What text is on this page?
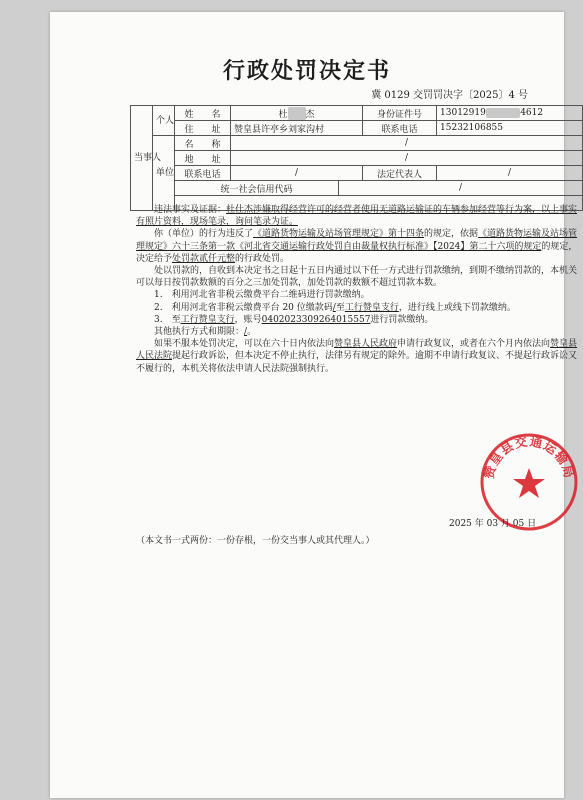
行政处罚决定书
冀 0129 交罚罚决字〔2025〕4 号
当事人	个人	姓　　名	杜 杰		身份证件号	13012919 4612
		住　　址	赞皇县许亭乡刘家沟村		联系电话	15232106855
	单位	名　　称	/			
		地　　址	/			
		联系电话	/		法定代表人	/
		统一社会信用代码		/		

违法事实及证据：杜仕杰涉嫌取得经营许可的经营者使用无道路运输证的车辆参加经营等行为案，以上事实有照片资料，现场笔录，询问笔录为证。

你（单位）的行为违反了《道路货物运输及站场管理规定》第十四条的规定，依据《道路货物运输及站场管理规定》六十三条第一款《河北省交通运输行政处罚自由裁量权执行标准》【2024】第二十六项的规定的规定，决定给予处罚款贰仟元整的行政处罚。

处以罚款的，自收到本决定书之日起十五日内通过以下任一方式进行罚款缴纳，到期不缴纳罚款的，本机关可以每日按罚款数额的百分之三加处罚款，加处罚款的数额不超过罚款本数。

1.　利用河北省非税云缴费平台二维码进行罚款缴纳。

2.　利用河北省非税云缴费平台 20 位缴款码/至工行赞皇支行，进行线上或线下罚款缴纳。

3.　至工行赞皇支行，账号0402023309264015557进行罚款缴纳。

其他执行方式和期限：/。

如果不服本处罚决定，可以在六十日内依法向赞皇县人民政府申请行政复议，或者在六个月内依法向赞皇县人民法院提起行政诉讼，但本决定不停止执行，法律另有规定的除外。逾期不申请行政复议、不提起行政诉讼又不履行的，本机关将依法申请人民法院强制执行。

赞皇县交通运输局
2025 年 03 月 05 日
（本文书一式两份：一份存根，一份交当事人或其代理人。）
